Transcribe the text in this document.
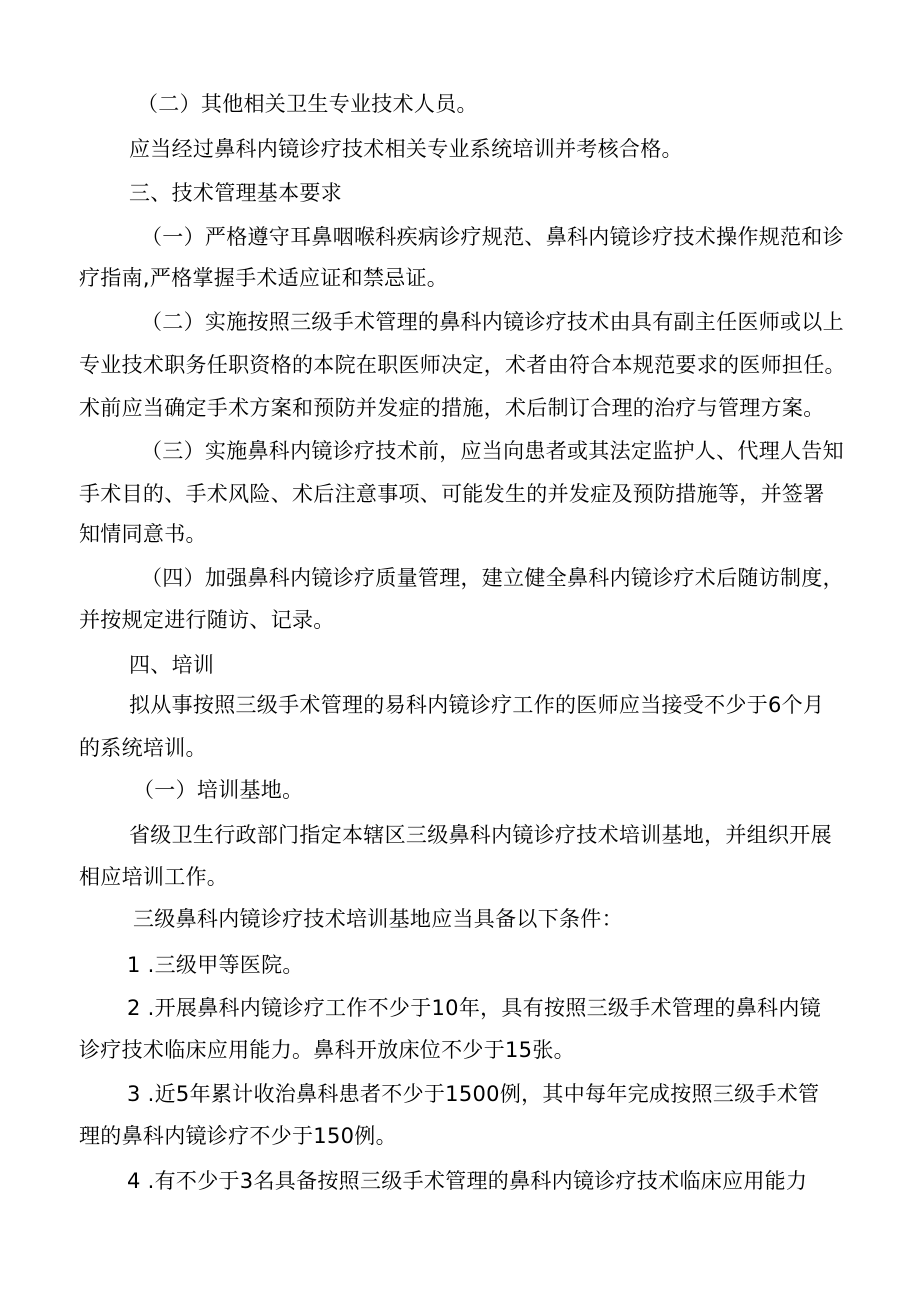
（二）其他相关卫生专业技术人员。
应当经过鼻科内镜诊疗技术相关专业系统培训并考核合格。
三、技术管理基本要求
（一）严格遵守耳鼻咽喉科疾病诊疗规范、鼻科内镜诊疗技术操作规范和诊
疗指南,严格掌握手术适应证和禁忌证。
（二）实施按照三级手术管理的鼻科内镜诊疗技术由具有副主任医师或以上
专业技术职务任职资格的本院在职医师决定，术者由符合本规范要求的医师担任。
术前应当确定手术方案和预防并发症的措施，术后制订合理的治疗与管理方案。
（三）实施鼻科内镜诊疗技术前，应当向患者或其法定监护人、代理人告知
手术目的、手术风险、术后注意事项、可能发生的并发症及预防措施等，并签署
知情同意书。
（四）加强鼻科内镜诊疗质量管理，建立健全鼻科内镜诊疗术后随访制度，
并按规定进行随访、记录。
四、培训
拟从事按照三级手术管理的易科内镜诊疗工作的医师应当接受不少于6个月
的系统培训。
（一）培训基地。
省级卫生行政部门指定本辖区三级鼻科内镜诊疗技术培训基地，并组织开展
相应培训工作。
三级鼻科内镜诊疗技术培训基地应当具备以下条件：
1 .三级甲等医院。
2 .开展鼻科内镜诊疗工作不少于10年，具有按照三级手术管理的鼻科内镜
诊疗技术临床应用能力。鼻科开放床位不少于15张。
3 .近5年累计收治鼻科患者不少于1500例，其中每年完成按照三级手术管
理的鼻科内镜诊疗不少于150例。
4 .有不少于3名具备按照三级手术管理的鼻科内镜诊疗技术临床应用能力
